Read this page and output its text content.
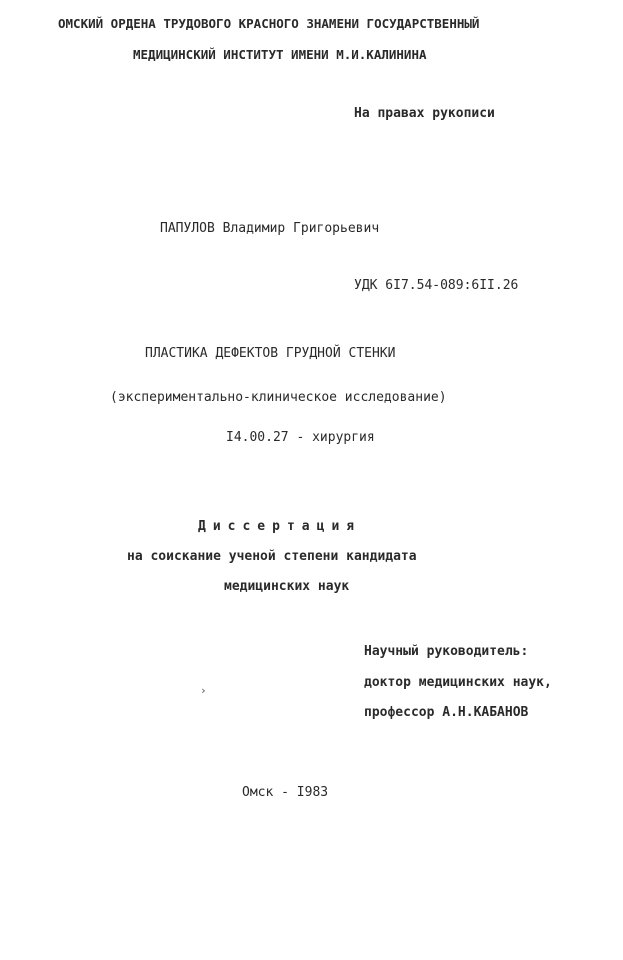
ОМСКИЙ ОРДЕНА ТРУДОВОГО КРАСНОГО ЗНАМЕНИ ГОСУДАРСТВЕННЫЙ
МЕДИЦИНСКИЙ ИНСТИТУТ ИМЕНИ М.И.КАЛИНИНА
На правах рукописи
ПАПУЛОВ Владимир Григорьевич
УДК 6I7.54-089:6II.26
ПЛАСТИКА ДЕФЕКТОВ ГРУДНОЙ СТЕНКИ
(экспериментально-клиническое исследование)
I4.00.27 - хирургия
Диссертация
на соискание ученой степени кандидата
медицинских наук
Научный руководитель:
доктор медицинских наук,
профессор А.Н.КАБАНОВ
›
Омск - I983
